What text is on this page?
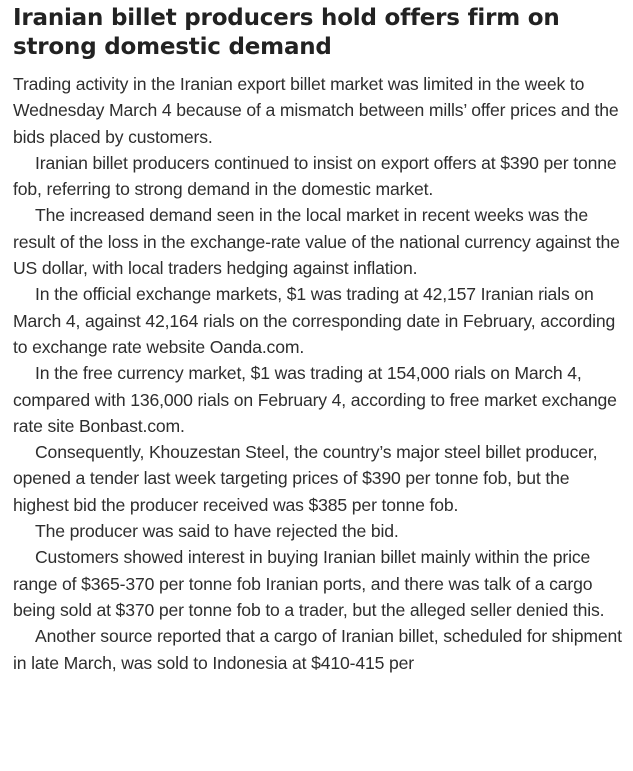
Iranian billet producers hold offers firm on strong domestic demand

Trading activity in the Iranian export billet market was limited in the week to Wednesday March 4 because of a mismatch between mills’ offer prices and the bids placed by customers.

Iranian billet producers continued to insist on export offers at $390 per tonne fob, referring to strong demand in the domestic market.

The increased demand seen in the local market in recent weeks was the result of the loss in the exchange-rate value of the national currency against the US dollar, with local traders hedging against inflation.

In the official exchange markets, $1 was trading at 42,157 Iranian rials on March 4, against 42,164 rials on the corresponding date in February, according to exchange rate website Oanda.com.

In the free currency market, $1 was trading at 154,000 rials on March 4, compared with 136,000 rials on February 4, according to free market exchange rate site Bonbast.com.

Consequently, Khouzestan Steel, the country’s major steel billet producer, opened a tender last week targeting prices of $390 per tonne fob, but the highest bid the producer received was $385 per tonne fob.

The producer was said to have rejected the bid.

Customers showed interest in buying Iranian billet mainly within the price range of $365-370 per tonne fob Iranian ports, and there was talk of a cargo being sold at $370 per tonne fob to a trader, but the alleged seller denied this.

Another source reported that a cargo of Iranian billet, scheduled for shipment in late March, was sold to Indonesia at $410-415 per
